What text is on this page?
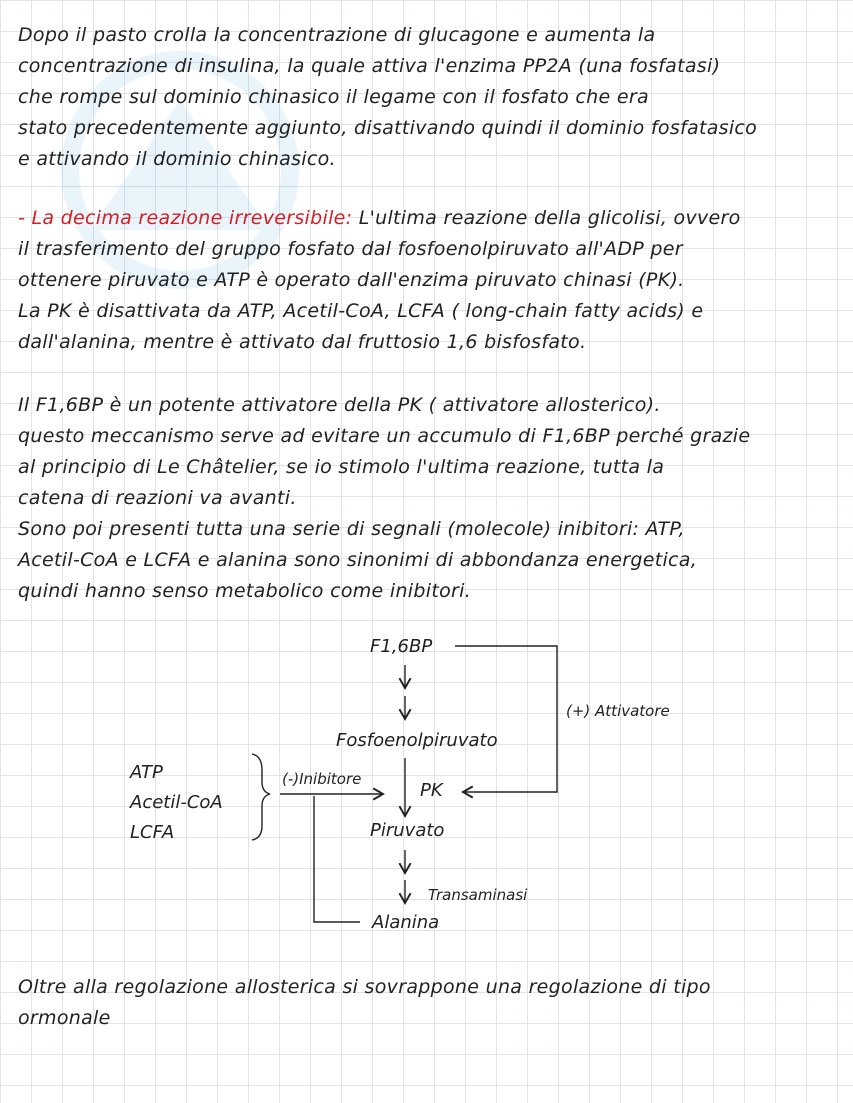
Dopo il pasto crolla la concentrazione di glucagone e aumenta la
concentrazione di insulina, la quale attiva l'enzima PP2A (una fosfatasi)
che rompe sul dominio chinasico il legame con il fosfato che era
stato precedentemente aggiunto, disattivando quindi il dominio fosfatasico
e attivando il dominio chinasico.

- La decima reazione irreversibile: L'ultima reazione della glicolisi, ovvero
il trasferimento del gruppo fosfato dal fosfoenolpiruvato all'ADP per
ottenere piruvato e ATP è operato dall'enzima piruvato chinasi (PK).
La PK è disattivata da ATP, Acetil-CoA, LCFA ( long-chain fatty acids) e
dall'alanina, mentre è attivato dal fruttosio 1,6 bisfosfato.

Il F1,6BP è un potente attivatore della PK ( attivatore allosterico).
questo meccanismo serve ad evitare un accumulo di F1,6BP perché grazie
al principio di Le Châtelier, se io stimolo l'ultima reazione, tutta la
catena di reazioni va avanti.
Sono poi presenti tutta una serie di segnali (molecole) inibitori: ATP,
Acetil-CoA e LCFA e alanina sono sinonimi di abbondanza energetica,
quindi hanno senso metabolico come inibitori.

F1,6BP
(+) Attivatore
Fosfoenolpiruvato
ATP
Acetil-CoA
LCFA
(-)Inibitore
PK
Piruvato
Transaminasi
Alanina

Oltre alla regolazione allosterica si sovrappone una regolazione di tipo
ormonale
